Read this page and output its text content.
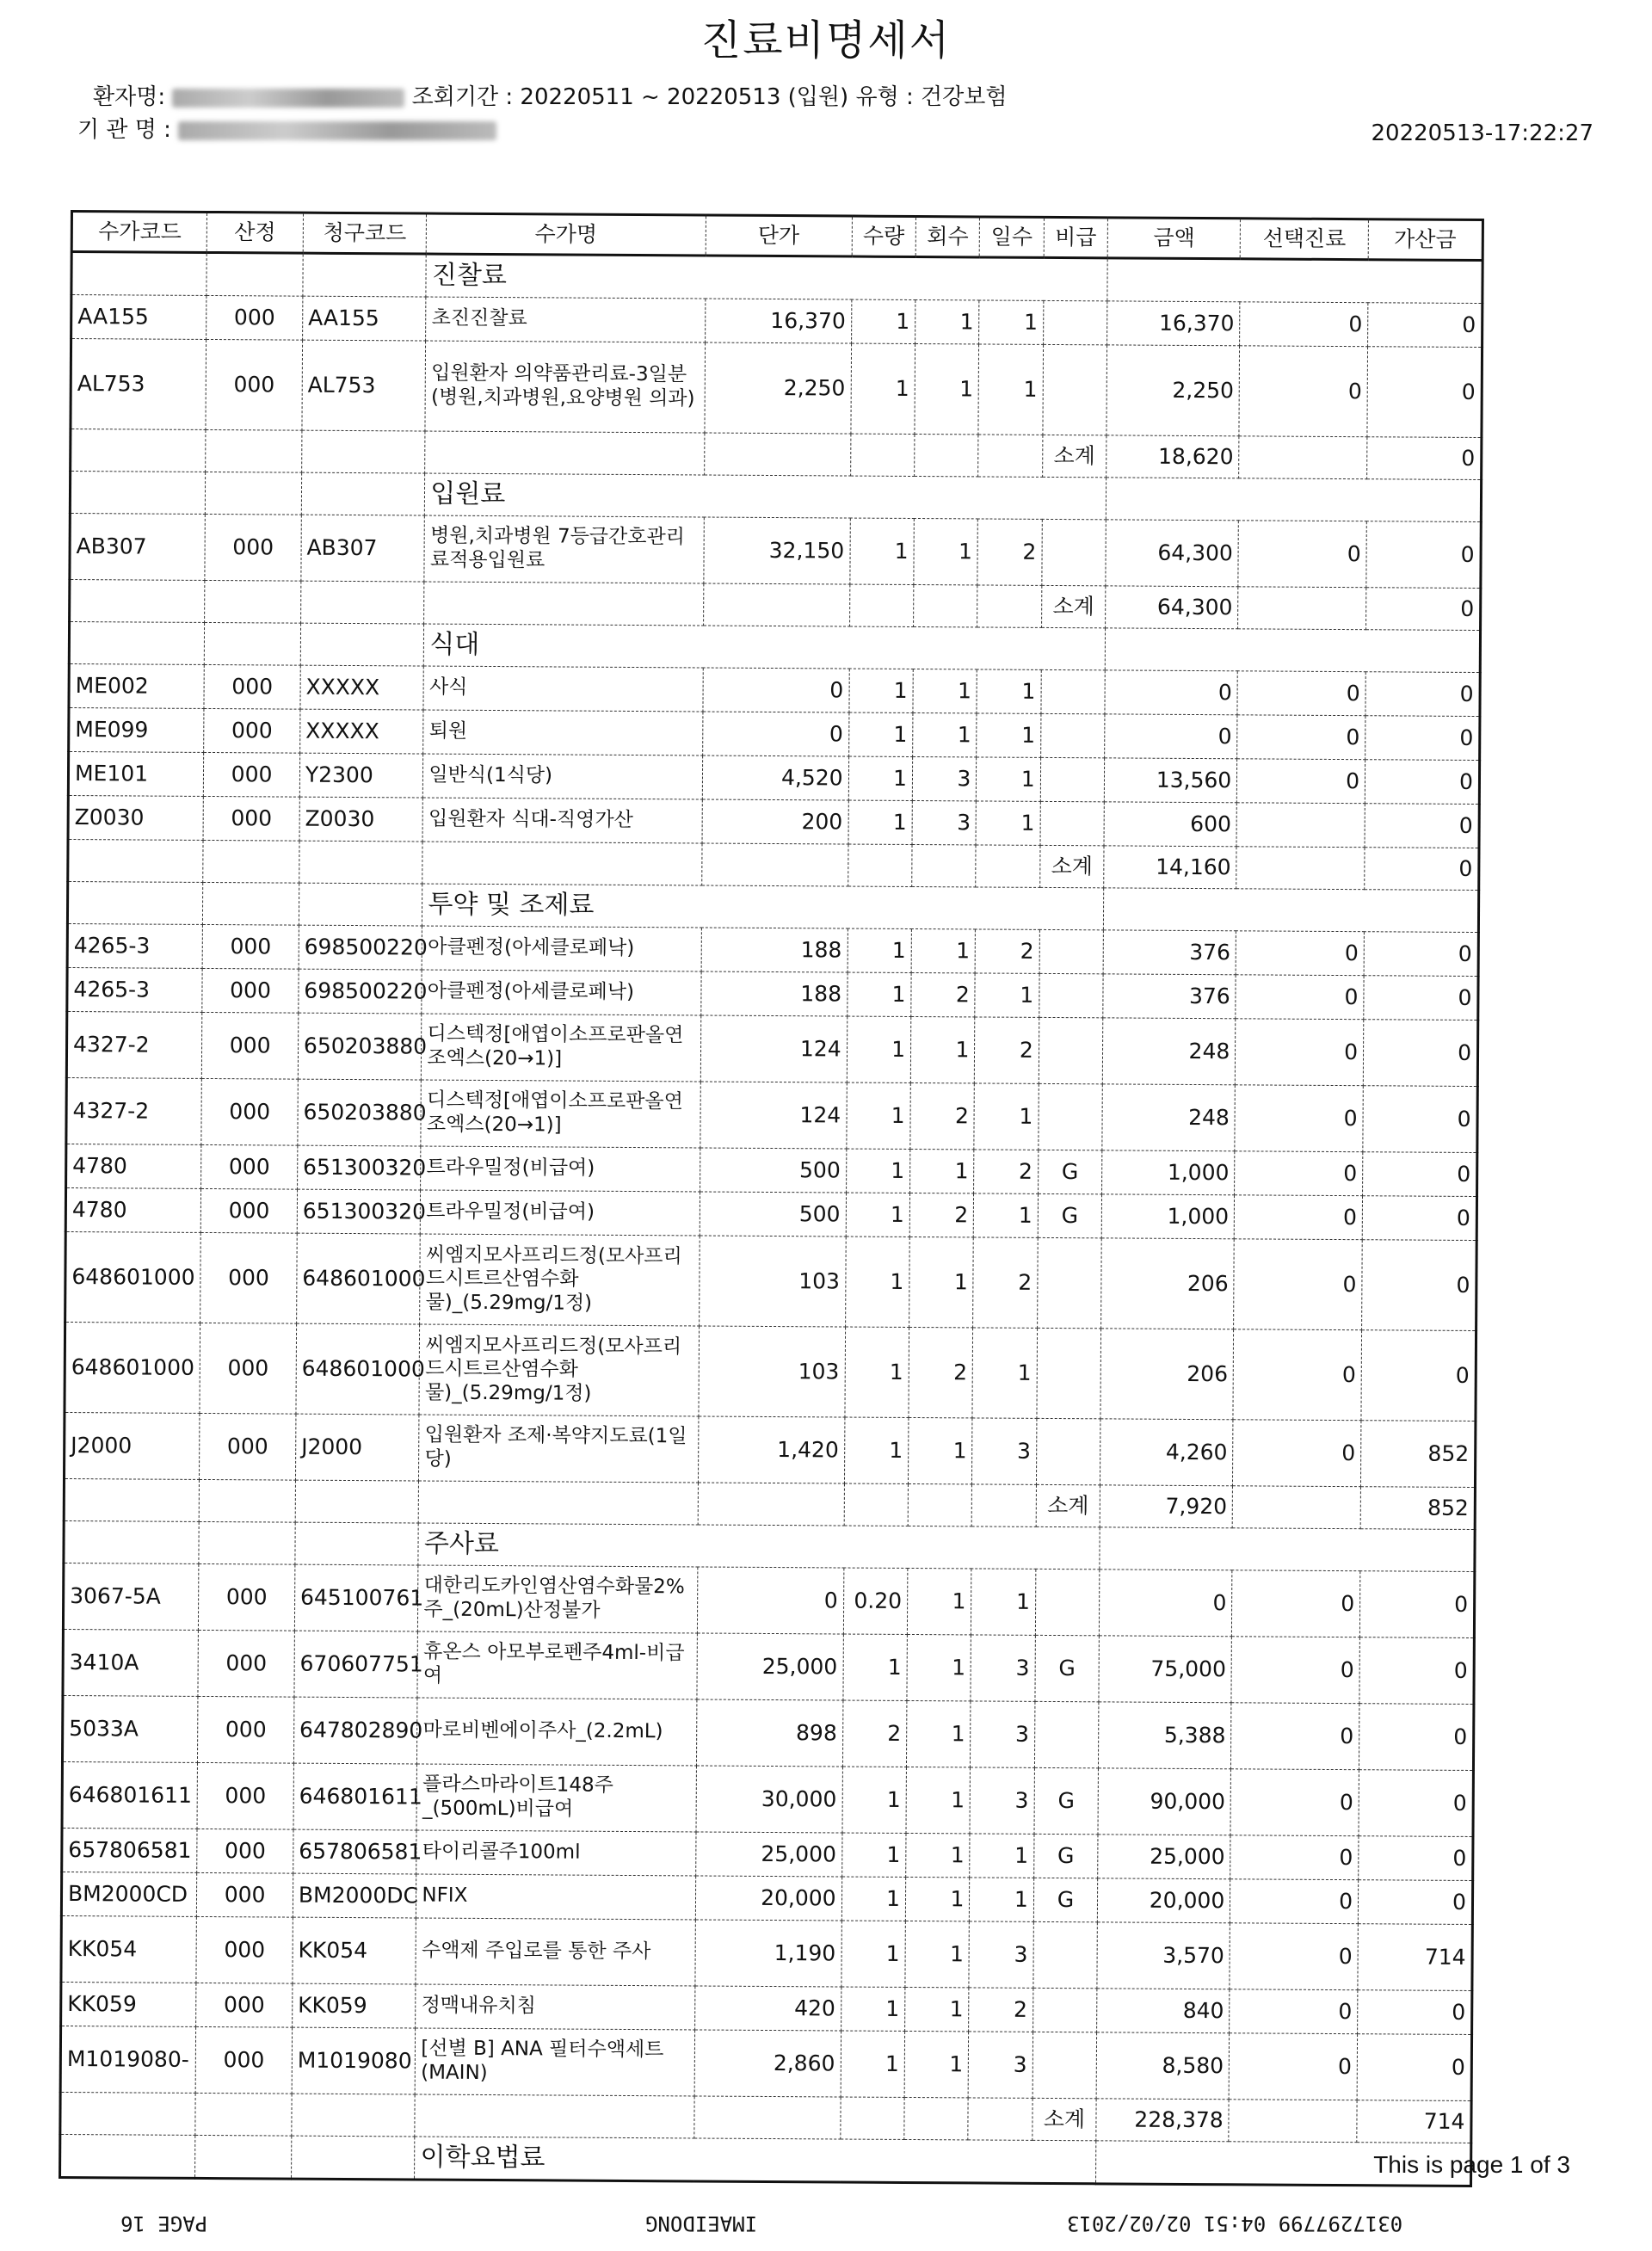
진료비명세서
환자명:	조회기간 : 20220511 ~ 20220513 (입원) 유형 : 건강보험
기 관 명 :	20220513-17:22:27
수가코드	산정	청구코드	수가명	단가	수량	회수	일수	비급	금액	선택진료	가산금
			진찰료								
AA155	000	AA155	초진진찰료	16,370	1	1	1		16,370	0	0
AL753	000	AL753	입원환자 의약품관리료-3일분(병원,치과병원,요양병원 의과)	2,250	1	1	1		2,250	0	0
								소계	18,620		0
			입원료								
AB307	000	AB307	병원,치과병원 7등급간호관리료적용입원료	32,150	1	1	2		64,300	0	0
								소계	64,300		0
			식대								
ME002	000	XXXXX	사식	0	1	1	1		0	0	0
ME099	000	XXXXX	퇴원	0	1	1	1		0	0	0
ME101	000	Y2300	일반식(1식당)	4,520	1	3	1		13,560	0	0
Z0030	000	Z0030	입원환자 식대-직영가산	200	1	3	1		600		0
								소계	14,160		0
			투약 및 조제료								
4265-3	000	698500220	아클펜정(아세클로페낙)	188	1	1	2		376	0	0
4265-3	000	698500220	아클펜정(아세클로페낙)	188	1	2	1		376	0	0
4327-2	000	650203880	디스텍정[애엽이소프로판올연조엑스(20→1)]	124	1	1	2		248	0	0
4327-2	000	650203880	디스텍정[애엽이소프로판올연조엑스(20→1)]	124	1	2	1		248	0	0
4780	000	651300320	트라우밀정(비급여)	500	1	1	2	G	1,000	0	0
4780	000	651300320	트라우밀정(비급여)	500	1	2	1	G	1,000	0	0
648601000	000	648601000	씨엠지모사프리드정(모사프리드시트르산염수화물)_(5.29mg/1정)	103	1	1	2		206	0	0
648601000	000	648601000	씨엠지모사프리드정(모사프리드시트르산염수화물)_(5.29mg/1정)	103	1	2	1		206	0	0
J2000	000	J2000	입원환자 조제·복약지도료(1일당)	1,420	1	1	3		4,260	0	852
								소계	7,920		852
			주사료								
3067-5A	000	645100761	대한리도카인염산염수화물2%주_(20mL)산정불가	0	0.20	1	1		0	0	0
3410A	000	670607751	휴온스 아모부로펜주4ml-비급여	25,000	1	1	3	G	75,000	0	0
5033A	000	647802890	마로비벤에이주사_(2.2mL)	898	2	1	3		5,388	0	0
646801611	000	646801611	플라스마라이트148주_(500mL)비급여	30,000	1	1	3	G	90,000	0	0
657806581	000	657806581	타이리콜주100ml	25,000	1	1	1	G	25,000	0	0
BM2000CD	000	BM2000DC	NFIX	20,000	1	1	1	G	20,000	0	0
KK054	000	KK054	수액제 주입로를 통한 주사	1,190	1	1	3		3,570	0	714
KK059	000	KK059	정맥내유치침	420	1	1	2		840	0	0
M1019080-	000	M1019080	[선별 B] ANA 필터수액세트(MAIN)	2,860	1	1	3		8,580	0	0
								소계	228,378		714
			이학요법료									This is page 1 of 3
PAGE 16	IMAEIDONG	0317297799 04:51 02/02/2013
